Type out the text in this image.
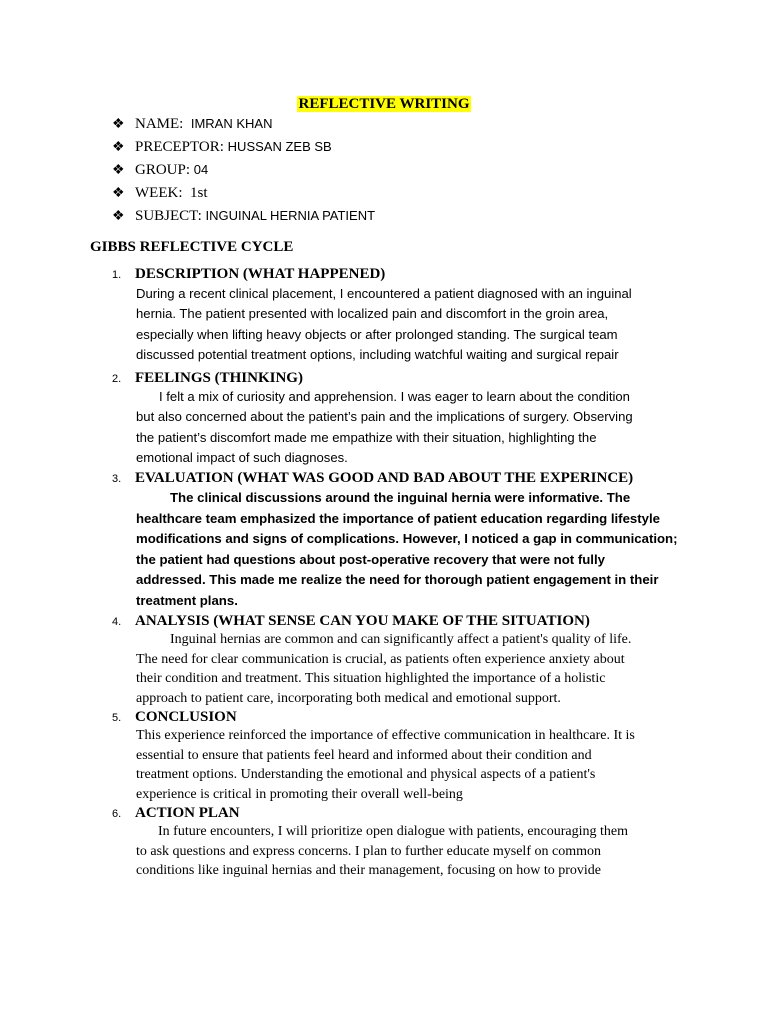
REFLECTIVE WRITING
❖ NAME: IMRAN KHAN
❖ PRECEPTOR: HUSSAN ZEB SB
❖ GROUP: 04
❖ WEEK: 1st
❖ SUBJECT: INGUINAL HERNIA PATIENT
GIBBS REFLECTIVE CYCLE
1. DESCRIPTION (WHAT HAPPENED)
During a recent clinical placement, I encountered a patient diagnosed with an inguinal
hernia. The patient presented with localized pain and discomfort in the groin area,
especially when lifting heavy objects or after prolonged standing. The surgical team
discussed potential treatment options, including watchful waiting and surgical repair
2. FEELINGS (THINKING)
I felt a mix of curiosity and apprehension. I was eager to learn about the condition
but also concerned about the patient’s pain and the implications of surgery. Observing
the patient’s discomfort made me empathize with their situation, highlighting the
emotional impact of such diagnoses.
3. EVALUATION (WHAT WAS GOOD AND BAD ABOUT THE EXPERINCE)
The clinical discussions around the inguinal hernia were informative. The
healthcare team emphasized the importance of patient education regarding lifestyle
modifications and signs of complications. However, I noticed a gap in communication;
the patient had questions about post-operative recovery that were not fully
addressed. This made me realize the need for thorough patient engagement in their
treatment plans.
4. ANALYSIS (WHAT SENSE CAN YOU MAKE OF THE SITUATION)
Inguinal hernias are common and can significantly affect a patient's quality of life.
The need for clear communication is crucial, as patients often experience anxiety about
their condition and treatment. This situation highlighted the importance of a holistic
approach to patient care, incorporating both medical and emotional support.
5. CONCLUSION
This experience reinforced the importance of effective communication in healthcare. It is
essential to ensure that patients feel heard and informed about their condition and
treatment options. Understanding the emotional and physical aspects of a patient's
experience is critical in promoting their overall well-being
6. ACTION PLAN
In future encounters, I will prioritize open dialogue with patients, encouraging them
to ask questions and express concerns. I plan to further educate myself on common
conditions like inguinal hernias and their management, focusing on how to provide
